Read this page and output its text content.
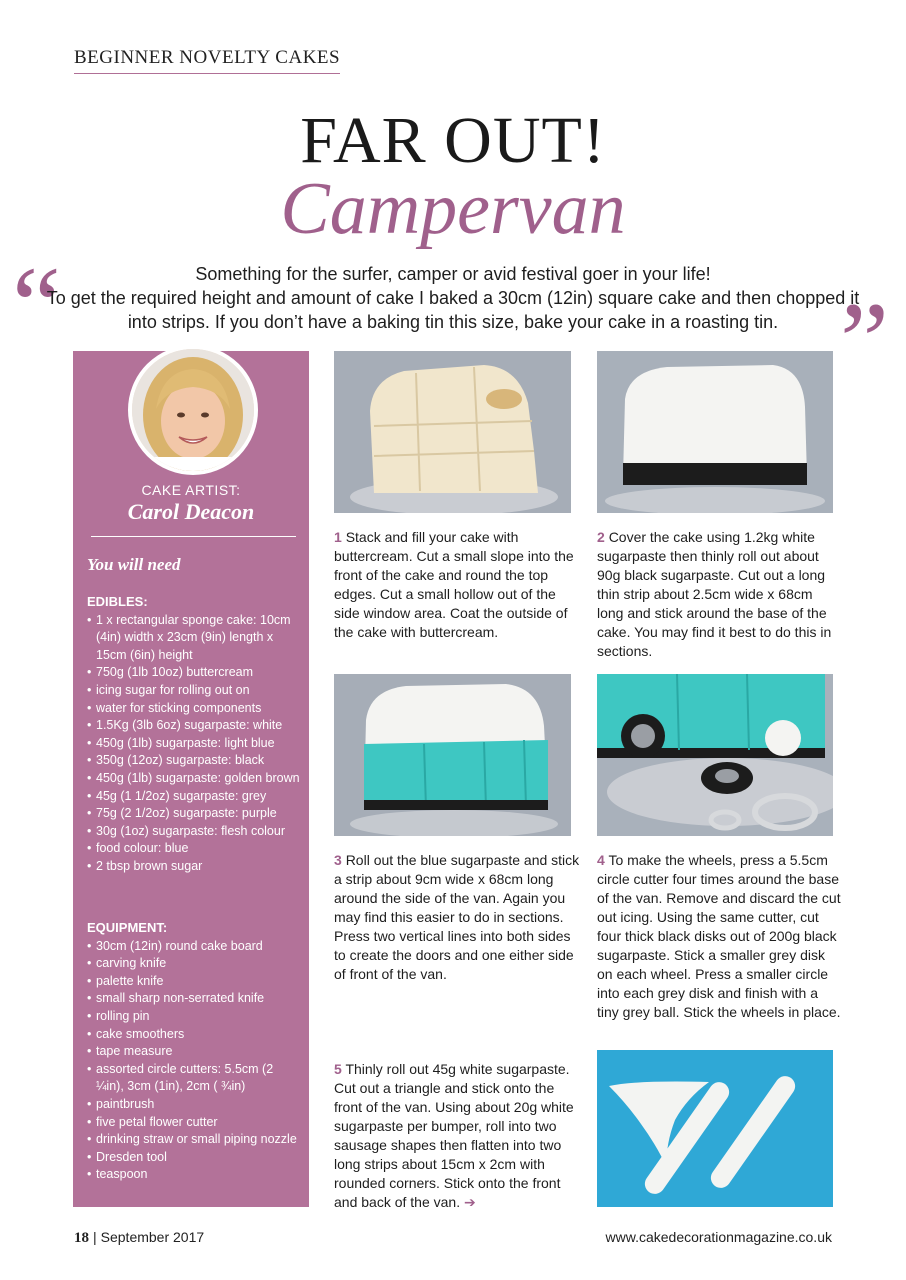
BEGINNER NOVELTY CAKES
FAR OUT!
Campervan
“	”

Something for the surfer, camper or avid festival goer in your life!

To get the required height and amount of cake I baked a 30cm (12in) square cake and then chopped it into strips. If you don’t have a baking tin this size, bake your cake in a roasting tin.

CAKE ARTIST:
Carol Deacon
You will need
EDIBLES:
• 1 x rectangular sponge cake: 10cm (4in) width x 23cm (9in) length x 15cm (6in) height
• 750g (1lb 10oz) buttercream
• icing sugar for rolling out on
• water for sticking components
• 1.5Kg (3lb 6oz) sugarpaste: white
• 450g (1lb) sugarpaste: light blue
• 350g (12oz) sugarpaste: black
• 450g (1lb) sugarpaste: golden brown
• 45g (1 1/2oz) sugarpaste: grey
• 75g (2 1/2oz) sugarpaste: purple
• 30g (1oz) sugarpaste: flesh colour
• food colour: blue
• 2 tbsp brown sugar
EQUIPMENT:
• 30cm (12in) round cake board
• carving knife
• palette knife
• small sharp non-serrated knife
• rolling pin
• cake smoothers
• tape measure
• assorted circle cutters: 5.5cm (2 ¼in), 3cm (1in), 2cm ( ¾in)
• paintbrush
• five petal flower cutter
• drinking straw or small piping nozzle
• Dresden tool
• teaspoon
1 Stack and fill your cake with buttercream. Cut a small slope into the front of the cake and round the top edges. Cut a small hollow out of the side window area. Coat the outside of the cake with buttercream.
2 Cover the cake using 1.2kg white sugarpaste then thinly roll out about 90g black sugarpaste. Cut out a long thin strip about 2.5cm wide x 68cm long and stick around the base of the cake. You may find it best to do this in sections.
3 Roll out the blue sugarpaste and stick a strip about 9cm wide x 68cm long around the side of the van. Again you may find this easier to do in sections. Press two vertical lines into both sides to create the doors and one either side of front of the van.
4 To make the wheels, press a 5.5cm circle cutter four times around the base of the van. Remove and discard the cut out icing. Using the same cutter, cut four thick black disks out of 200g black sugarpaste. Stick a smaller grey disk on each wheel. Press a smaller circle into each grey disk and finish with a tiny grey ball. Stick the wheels in place.
5 Thinly roll out 45g white sugarpaste. Cut out a triangle and stick onto the front of the van. Using about 20g white sugarpaste per bumper, roll into two sausage shapes then flatten into two long strips about 15cm x 2cm with rounded corners. Stick onto the front and back of the van. ➔
18 | September 2017	www.cakedecorationmagazine.co.uk
